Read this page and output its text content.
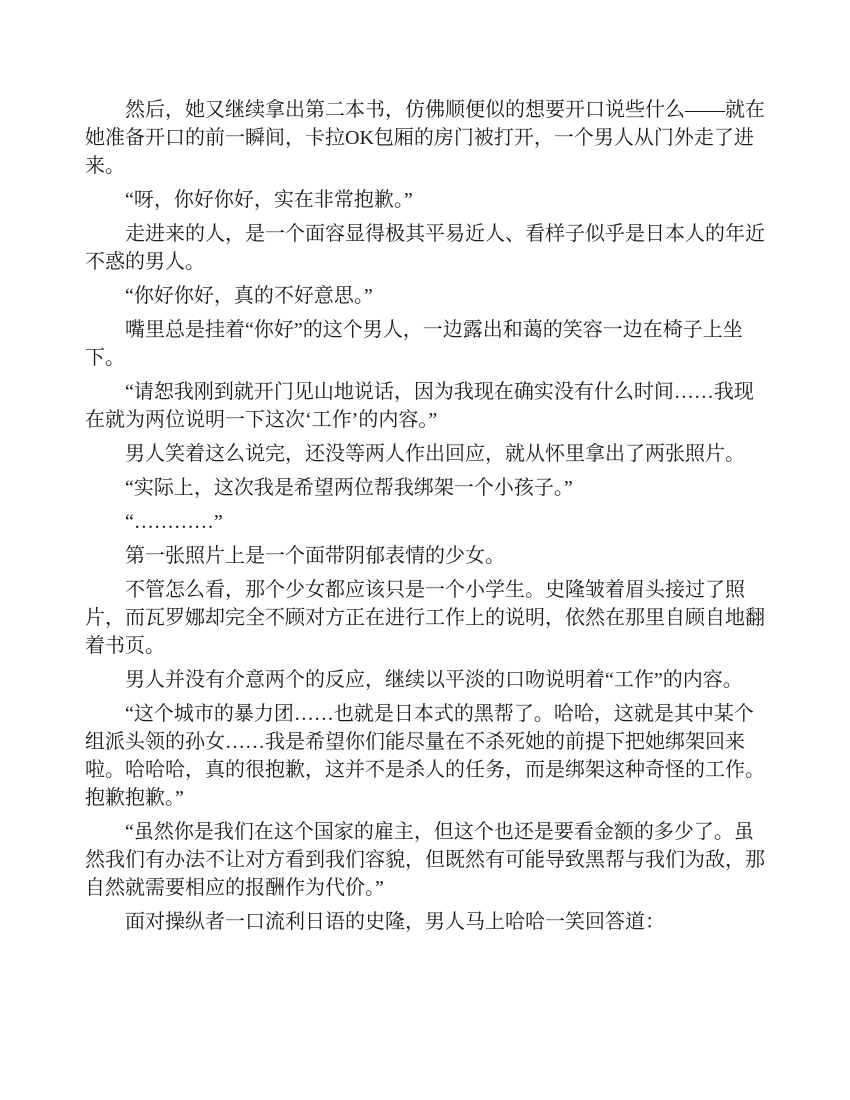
然后，她又继续拿出第二本书，仿佛顺便似的想要开口说些什么——就在她准备开口的前一瞬间，卡拉OK包厢的房门被打开，一个男人从门外走了进来。

“呀，你好你好，实在非常抱歉。”

走进来的人，是一个面容显得极其平易近人、看样子似乎是日本人的年近不惑的男人。

“你好你好，真的不好意思。”

嘴里总是挂着“你好”的这个男人，一边露出和蔼的笑容一边在椅子上坐下。

“请恕我刚到就开门见山地说话，因为我现在确实没有什么时间……我现在就为两位说明一下这次‘工作’的内容。”

男人笑着这么说完，还没等两人作出回应，就从怀里拿出了两张照片。

“实际上，这次我是希望两位帮我绑架一个小孩子。”

“…………”

第一张照片上是一个面带阴郁表情的少女。

不管怎么看，那个少女都应该只是一个小学生。史隆皱着眉头接过了照片，而瓦罗娜却完全不顾对方正在进行工作上的说明，依然在那里自顾自地翻着书页。

男人并没有介意两个的反应，继续以平淡的口吻说明着“工作”的内容。

“这个城市的暴力团……也就是日本式的黑帮了。哈哈，这就是其中某个组派头领的孙女……我是希望你们能尽量在不杀死她的前提下把她绑架回来啦。哈哈哈，真的很抱歉，这并不是杀人的任务，而是绑架这种奇怪的工作。抱歉抱歉。”

“虽然你是我们在这个国家的雇主，但这个也还是要看金额的多少了。虽然我们有办法不让对方看到我们容貌，但既然有可能导致黑帮与我们为敌，那自然就需要相应的报酬作为代价。”

面对操纵者一口流利日语的史隆，男人马上哈哈一笑回答道：
